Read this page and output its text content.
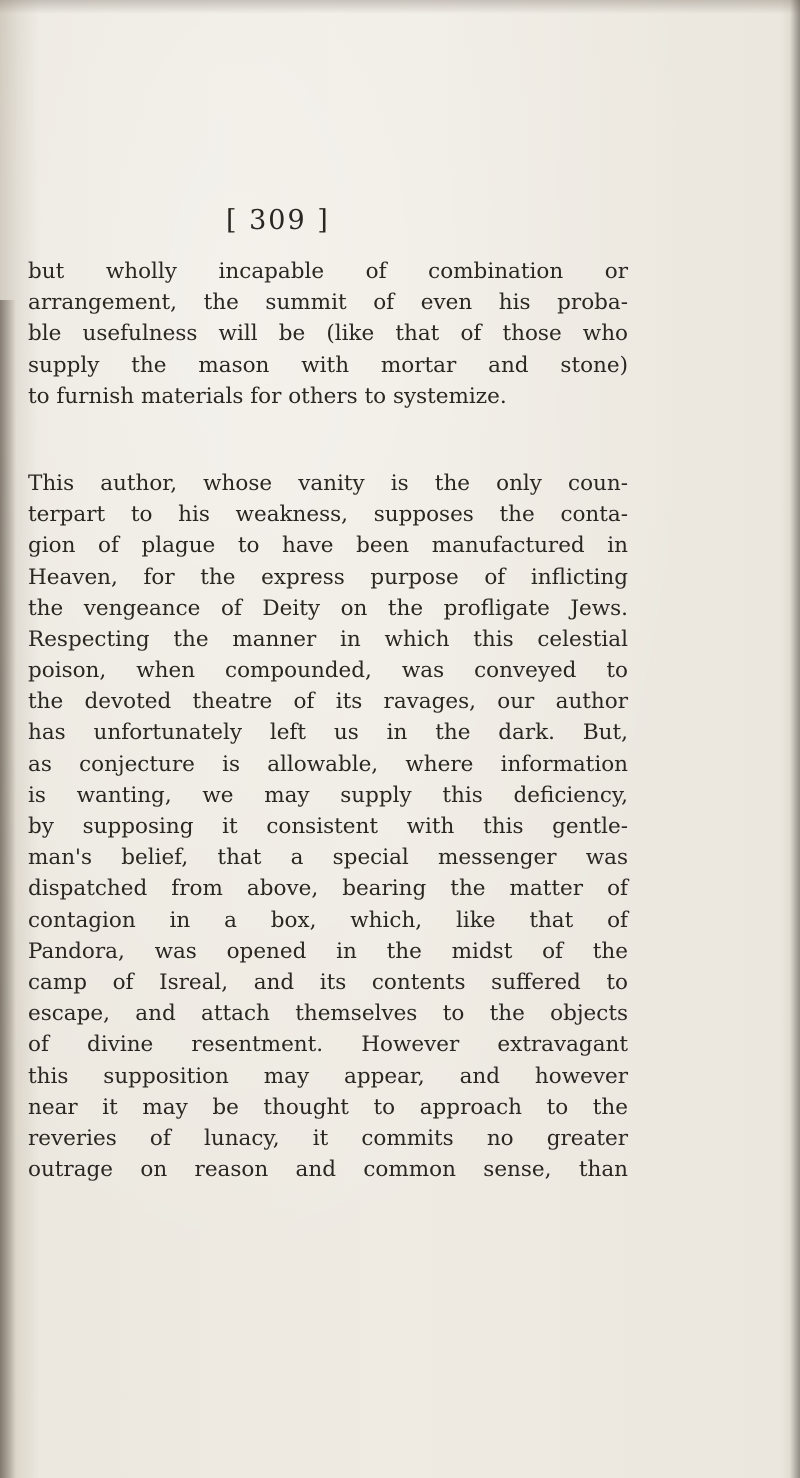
[ 309 ]
but wholly incapable of combination or
arrangement, the summit of even his proba-
ble usefulness will be (like that of those who
supply the mason with mortar and stone)
to furnish materials for others to systemize.
This author, whose vanity is the only coun-
terpart to his weakness, supposes the conta-
gion of plague to have been manufactured in
Heaven, for the express purpose of inflicting
the vengeance of Deity on the profligate Jews.
Respecting the manner in which this celestial
poison, when compounded, was conveyed to
the devoted theatre of its ravages, our author
has unfortunately left us in the dark. But,
as conjecture is allowable, where information
is wanting, we may supply this deficiency,
by supposing it consistent with this gentle-
man's belief, that a special messenger was
dispatched from above, bearing the matter of
contagion in a box, which, like that of
Pandora, was opened in the midst of the
camp of Isreal, and its contents suffered to
escape, and attach themselves to the objects
of divine resentment. However extravagant
this supposition may appear, and however
near it may be thought to approach to the
reveries of lunacy, it commits no greater
outrage on reason and common sense, than
